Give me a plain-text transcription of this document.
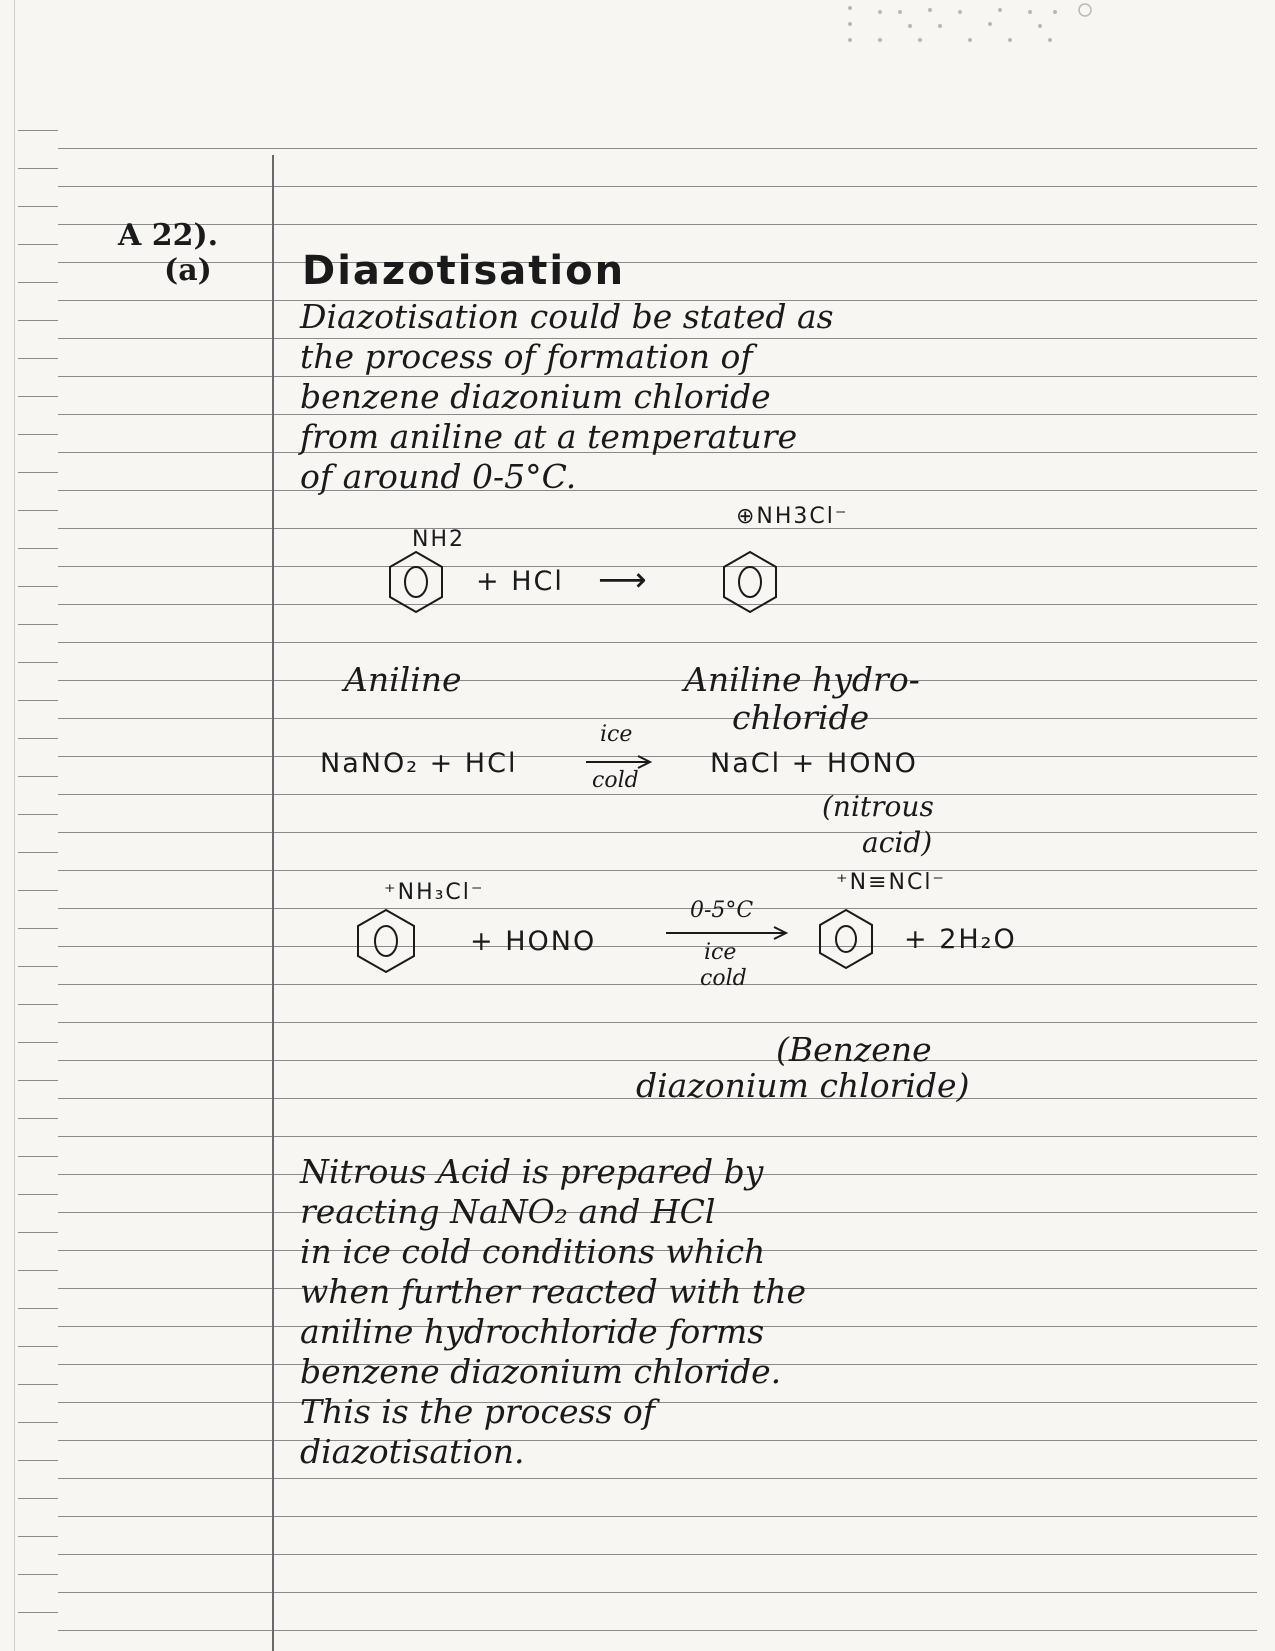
A 22).
(a) Diazotisation
Diazotisation could be stated as
the process of formation of
benzene diazonium chloride
from aniline at a temperature
of around 0-5°C.
NH2
+ HCl ⟶
⊕NH3Cl⁻
Aniline	Aniline hydro-
chloride
NaNO₂ + HCl
ice
cold
NaCl + HONO
(nitrous
acid)
⁺NH₃Cl⁻
+ HONO
0-5°C
ice
cold
⁺N≡NCl⁻
+ 2H₂O
(Benzene
diazonium chloride)
Nitrous Acid is prepared by
reacting NaNO₂ and HCl
in ice cold conditions which
when further reacted with the
aniline hydrochloride forms
benzene diazonium chloride.
This is the process of
diazotisation.
